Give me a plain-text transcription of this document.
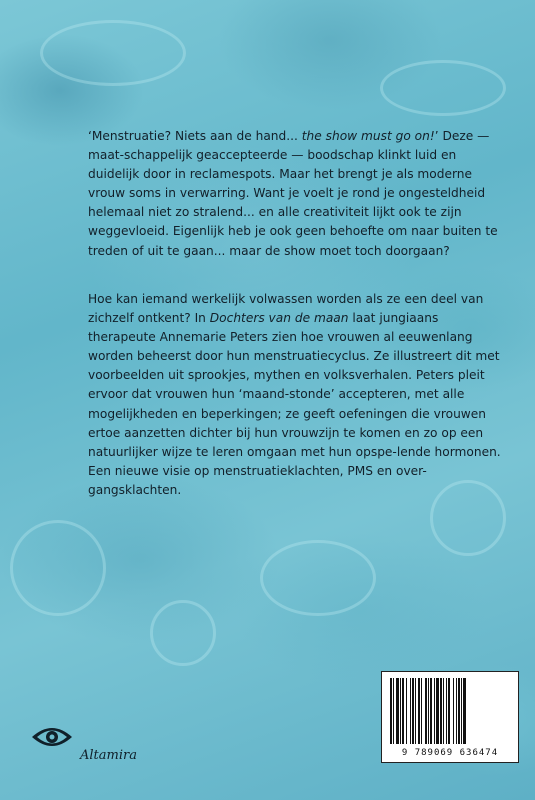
‘Menstruatie? Niets aan de hand... the show must go on!’ Deze — maat-schappelijk geaccepteerde — boodschap klinkt luid en duidelijk door in reclamespots. Maar het brengt je als moderne vrouw soms in verwarring. Want je voelt je rond je ongesteldheid helemaal niet zo stralend... en alle creativiteit lijkt ook te zijn weggevloeid. Eigenlijk heb je ook geen behoefte om naar buiten te treden of uit te gaan... maar de show moet toch doorgaan?

Hoe kan iemand werkelijk volwassen worden als ze een deel van zichzelf ontkent? In Dochters van de maan laat jungiaans therapeute Annemarie Peters zien hoe vrouwen al eeuwenlang worden beheerst door hun menstruatiecyclus. Ze illustreert dit met voorbeelden uit sprookjes, mythen en volksverhalen. Peters pleit ervoor dat vrouwen hun ‘maand-stonde’ accepteren, met alle mogelijkheden en beperkingen; ze geeft oefeningen die vrouwen ertoe aanzetten dichter bij hun vrouwzijn te komen en zo op een natuurlijker wijze te leren omgaan met hun opspe-lende hormonen. Een nieuwe visie op menstruatieklachten, PMS en over-gangsklachten.

Altamira	9 789069 636474
